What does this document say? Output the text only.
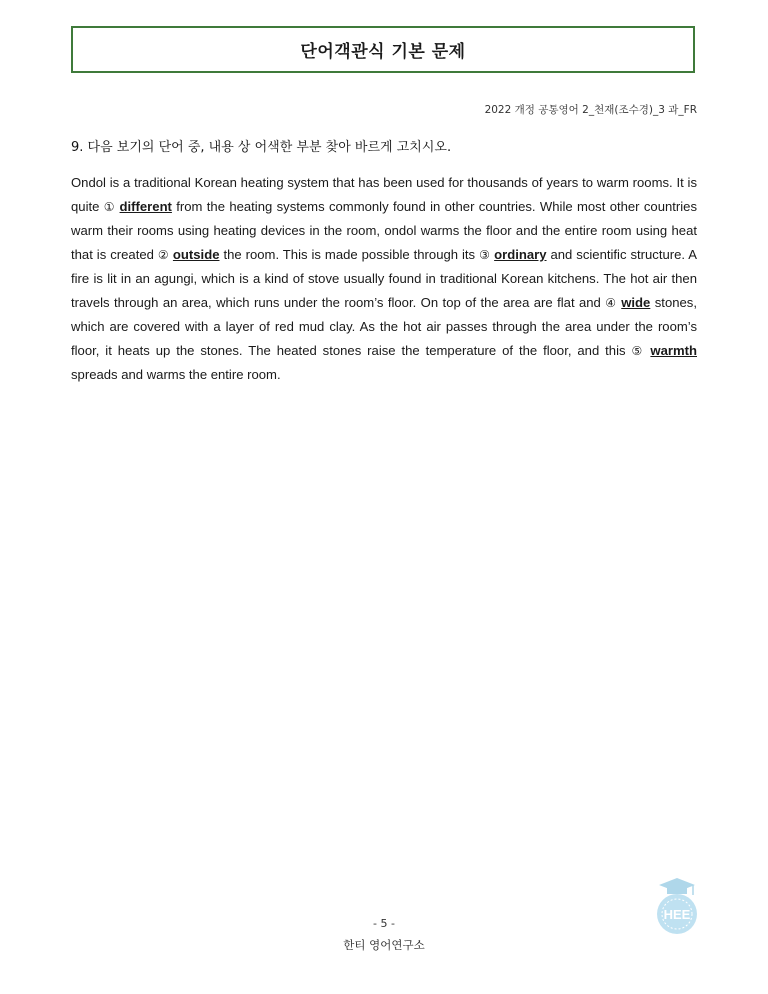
단어객관식 기본 문제
2022 개정 공통영어 2_천재(조수경)_3 과_FR
9. 다음 보기의 단어 중, 내용 상 어색한 부분 찾아 바르게 고치시오.
Ondol is a traditional Korean heating system that has been used for thousands of years to warm rooms. It is quite ① different from the heating systems commonly found in other countries. While most other countries warm their rooms using heating devices in the room, ondol warms the floor and the entire room using heat that is created ② outside the room. This is made possible through its ③ ordinary and scientific structure. A fire is lit in an agungi, which is a kind of stove usually found in traditional Korean kitchens. The hot air then travels through an area, which runs under the room’s floor. On top of the area are flat and ④ wide stones, which are covered with a layer of red mud clay. As the hot air passes through the area under the room’s floor, it heats up the stones. The heated stones raise the temperature of the floor, and this ⑤ warmth spreads and warms the entire room.
- 5 -
한티 영어연구소
HEE
